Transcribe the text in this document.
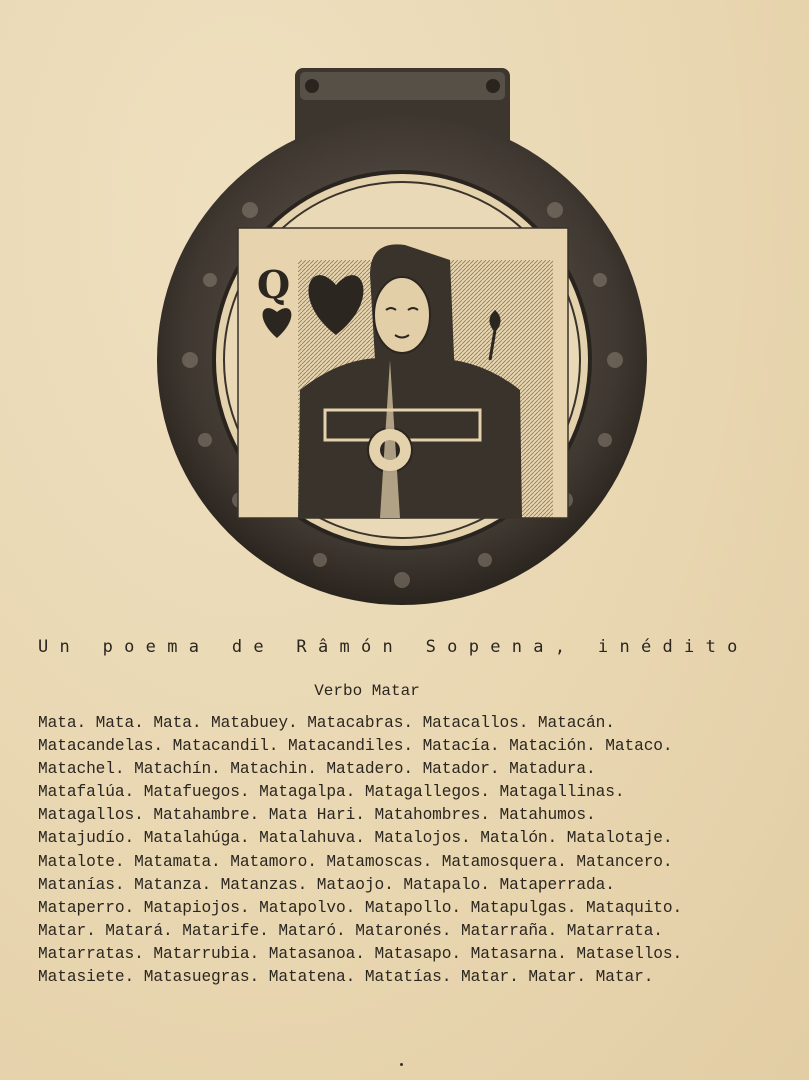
Q
Un poema de Râmón Sopena, inédito
Verbo Matar
Mata. Mata. Mata. Matabuey. Matacabras. Matacallos. Matacán.
Matacandelas. Matacandil. Matacandiles. Matacía. Matación. Mataco.
Matachel. Matachín. Matachin. Matadero. Matador. Matadura.
Matafalúa. Matafuegos. Matagalpa. Matagallegos. Matagallinas.
Matagallos. Matahambre. Mata Hari. Matahombres. Matahumos.
Matajudío. Matalahúga. Matalahuva. Matalojos. Matalón. Matalotaje.
Matalote. Matamata. Matamoro. Matamoscas. Matamosquera. Matancero.
Matanías. Matanza. Matanzas. Mataojo. Matapalo. Mataperrada.
Mataperro. Matapiojos. Matapolvo. Matapollo. Matapulgas. Mataquito.
Matar. Matará. Matarife. Mataró. Mataronés. Matarraña. Matarrata.
Matarratas. Matarrubia. Matasanoa. Matasapo. Matasarna. Matasellos.
Matasiete. Matasuegras. Matatena. Matatías. Matar. Matar. Matar.
